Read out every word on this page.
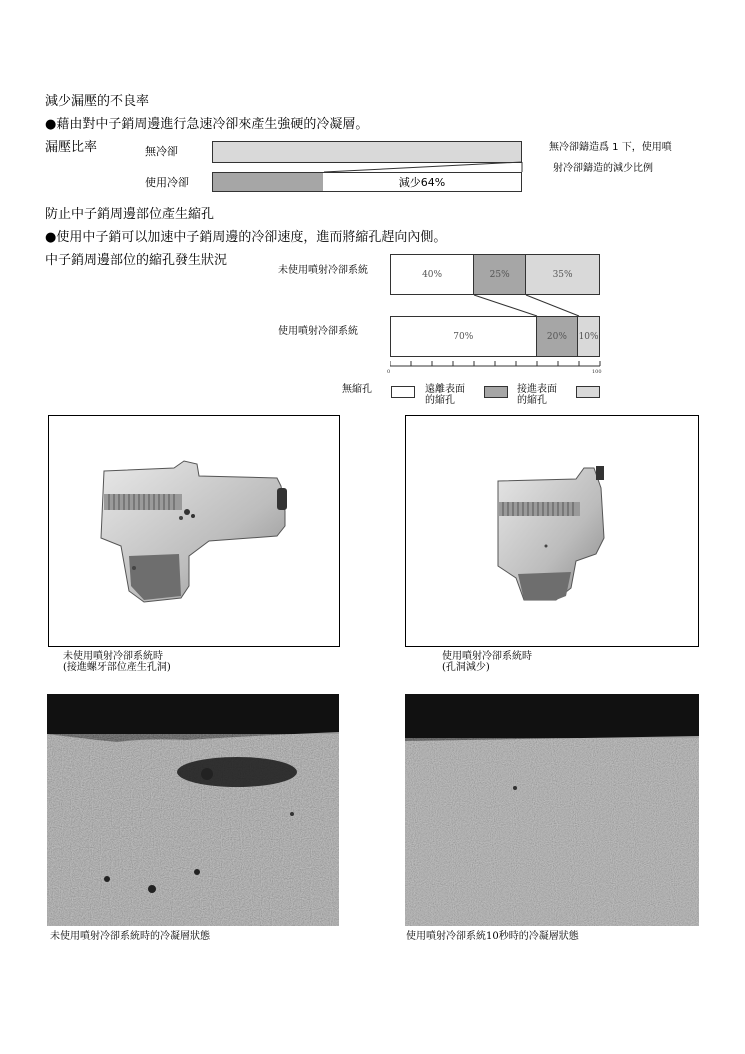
減少漏壓的不良率
●藉由對中子銷周邊進行急速冷卻來產生強硬的冷凝層。
漏壓比率	無冷卻
使用冷卻	減少64%
無冷卻鑄造爲 1 下，使用噴
射冷卻鑄造的減少比例
防止中子銷周邊部位產生縮孔
●使用中子銷可以加速中子銷周邊的冷卻速度，進而將縮孔趕向內側。
中子銷周邊部位的縮孔發生狀況
未使用噴射冷卻系統
使用噴射冷卻系統
40%	25%	35%
70%	20%	10%
0	100
無縮孔	遠離表面
的縮孔
接進表面
的縮孔
未使用噴射冷卻系統時
(接進螺牙部位產生孔洞)
使用噴射冷卻系統時
(孔洞減少)
未使用噴射冷卻系統時的冷凝層狀態	使用噴射冷卻系統10秒時的冷凝層狀態
